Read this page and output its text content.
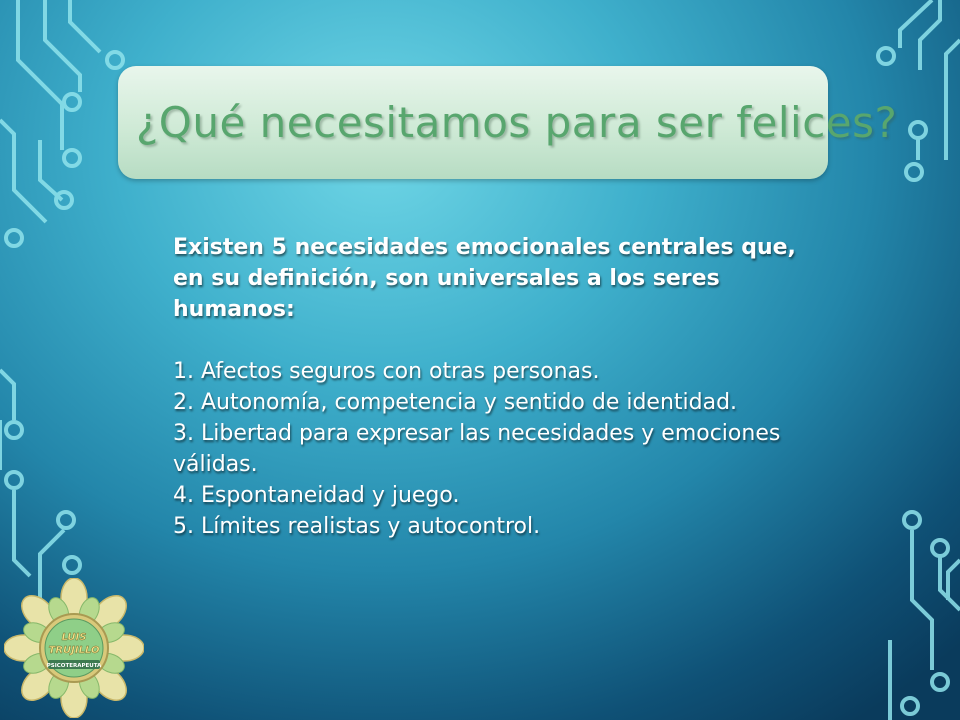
¿Qué necesitamos para ser felices?

Existen 5 necesidades emocionales centrales que, en su definición, son universales a los seres humanos:

1. Afectos seguros con otras personas.

2. Autonomía, competencia y sentido de identidad.

3. Libertad para expresar las necesidades y emociones válidas.

4. Espontaneidad y juego.

5. Límites realistas y autocontrol.

LUIS
TRUJILLO
PSICOTERAPEUTA
